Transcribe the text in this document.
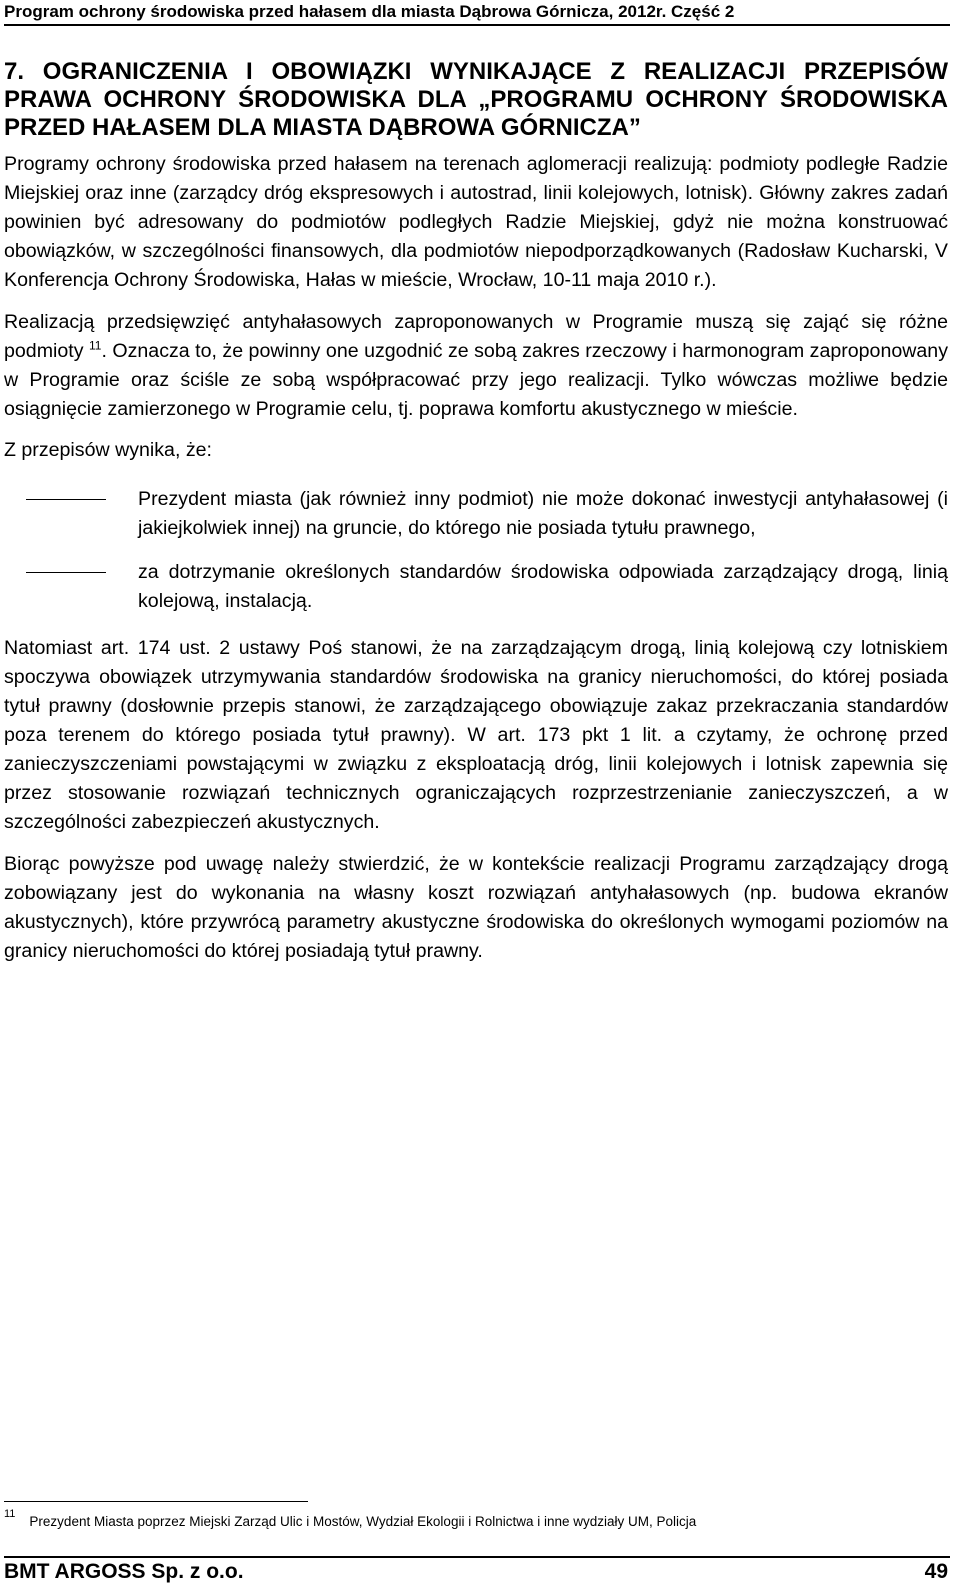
Program ochrony środowiska przed hałasem dla miasta Dąbrowa Górnicza, 2012r. Część 2
7. OGRANICZENIA I OBOWIĄZKI WYNIKAJĄCE Z REALIZACJI PRZEPISÓW PRAWA OCHRONY ŚRODOWISKA DLA „PROGRAMU OCHRONY ŚRODOWISKA PRZED HAŁASEM DLA MIASTA DĄBROWA GÓRNICZA”

Programy ochrony środowiska przed hałasem na terenach aglomeracji realizują: podmioty podległe Radzie Miejskiej oraz inne (zarządcy dróg ekspresowych i autostrad, linii kolejowych, lotnisk). Główny zakres zadań powinien być adresowany do podmiotów podległych Radzie Miejskiej, gdyż nie można konstruować obowiązków, w szczególności finansowych, dla podmiotów niepodporządkowanych (Radosław Kucharski, V Konferencja Ochrony Środowiska, Hałas w mieście, Wrocław, 10-11 maja 2010 r.).

Realizacją przedsięwzięć antyhałasowych zaproponowanych w Programie muszą się zająć się różne podmioty $^{11}$. Oznacza to, że powinny one uzgodnić ze sobą zakres rzeczowy i harmonogram zaproponowany w Programie oraz ściśle ze sobą współpracować przy jego realizacji. Tylko wówczas możliwe będzie osiągnięcie zamierzonego w Programie celu, tj. poprawa komfortu akustycznego w mieście.

Z przepisów wynika, że:

Prezydent miasta (jak również inny podmiot) nie może dokonać inwestycji antyhałasowej (i jakiejkolwiek innej) na gruncie, do którego nie posiada tytułu prawnego,
za dotrzymanie określonych standardów środowiska odpowiada zarządzający drogą, linią kolejową, instalacją.

Natomiast art. 174 ust. 2 ustawy Poś stanowi, że na zarządzającym drogą, linią kolejową czy lotniskiem spoczywa obowiązek utrzymywania standardów środowiska na granicy nieruchomości, do której posiada tytuł prawny (dosłownie przepis stanowi, że zarządzającego obowiązuje zakaz przekraczania standardów poza terenem do którego posiada tytuł prawny). W art. 173 pkt 1 lit. a czytamy, że ochronę przed zanieczyszczeniami powstającymi w związku z eksploatacją dróg, linii kolejowych i lotnisk zapewnia się przez stosowanie rozwiązań technicznych ograniczających rozprzestrzenianie zanieczyszczeń, a w szczególności zabezpieczeń akustycznych.

Biorąc powyższe pod uwagę należy stwierdzić, że w kontekście realizacji Programu zarządzający drogą zobowiązany jest do wykonania na własny koszt rozwiązań antyhałasowych (np. budowa ekranów akustycznych), które przywrócą parametry akustyczne środowiska do określonych wymogami poziomów na granicy nieruchomości do której posiadają tytuł prawny.

$^{11}$ Prezydent Miasta poprzez Miejski Zarząd Ulic i Mostów, Wydział Ekologii i Rolnictwa i inne wydziały UM, Policja
BMT ARGOSS Sp. z o.o.	49
